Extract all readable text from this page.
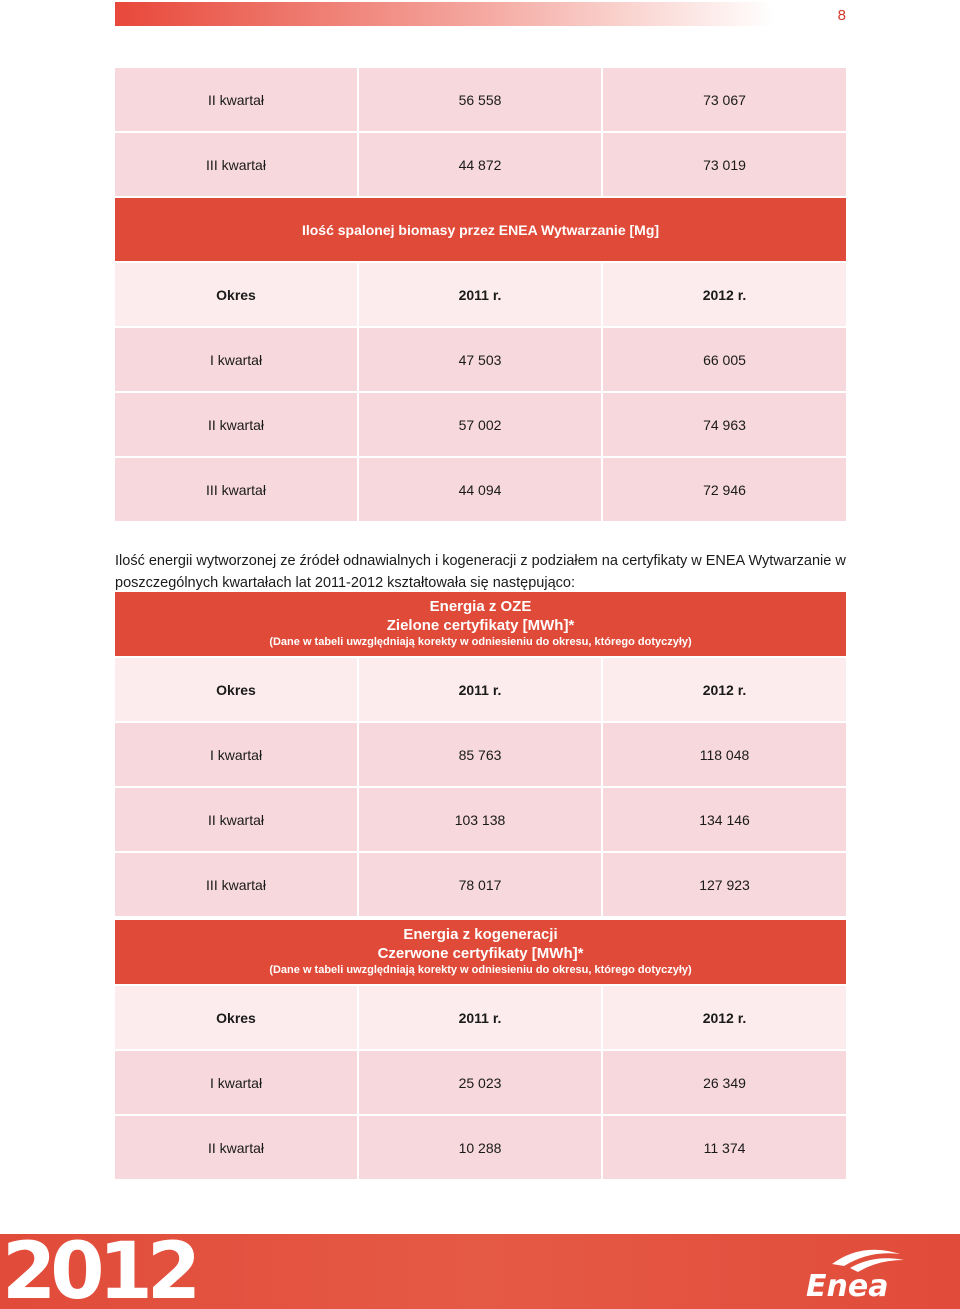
8
II kwartał	56 558	73 067
III kwartał	44 872	73 019
Ilość spalonej biomasy przez ENEA Wytwarzanie [Mg]		
Okres	2011 r.	2012 r.
I kwartał	47 503	66 005
II kwartał	57 002	74 963
III kwartał	44 094	72 946

Ilość energii wytworzonej ze źródeł odnawialnych i kogeneracji z podziałem na certyfikaty w ENEA Wytwarzanie w poszczególnych kwartałach lat 2011-2012 kształtowała się następująco:

Energia z OZE
Zielone certyfikaty [MWh]*
(Dane w tabeli uwzględniają korekty w odniesieniu do okresu, którego dotyczyły)		

Okres	2011 r.	2012 r.
I kwartał	85 763	118 048
II kwartał	103 138	134 146
III kwartał	78 017	127 923
Energia z kogeneracji
Czerwone certyfikaty [MWh]*
(Dane w tabeli uwzględniają korekty w odniesieniu do okresu, którego dotyczyły)		

Okres	2011 r.	2012 r.
I kwartał	25 023	26 349
II kwartał	10 288	11 374
2012	Enea
